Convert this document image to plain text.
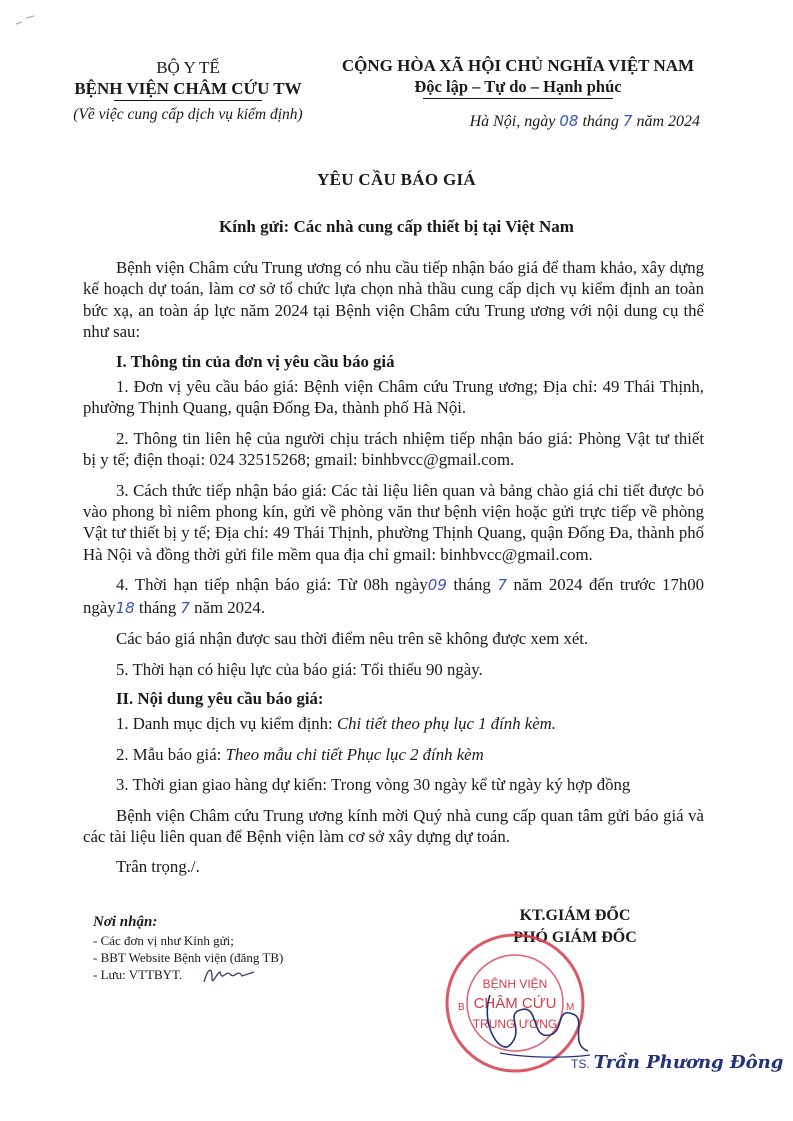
BỘ Y TẾ
BỆNH VIỆN CHÂM CỨU TW
(Về việc cung cấp dịch vụ kiểm định)
CỘNG HÒA XÃ HỘI CHỦ NGHĨA VIỆT NAM
Độc lập – Tự do – Hạnh phúc
Hà Nội, ngày 08 tháng 7 năm 2024
YÊU CẦU BÁO GIÁ
Kính gửi: Các nhà cung cấp thiết bị tại Việt Nam

Bệnh viện Châm cứu Trung ương có nhu cầu tiếp nhận báo giá để tham khảo, xây dựng kế hoạch dự toán, làm cơ sở tổ chức lựa chọn nhà thầu cung cấp dịch vụ kiểm định an toàn bức xạ, an toàn áp lực năm 2024 tại Bệnh viện Châm cứu Trung ương với nội dung cụ thể như sau:

I. Thông tin của đơn vị yêu cầu báo giá

1. Đơn vị yêu cầu báo giá: Bệnh viện Châm cứu Trung ương; Địa chỉ: 49 Thái Thịnh, phường Thịnh Quang, quận Đống Đa, thành phố Hà Nội.

2. Thông tin liên hệ của người chịu trách nhiệm tiếp nhận báo giá: Phòng Vật tư thiết bị y tế; điện thoại: 024 32515268; gmail: binhbvcc@gmail.com.

3. Cách thức tiếp nhận báo giá: Các tài liệu liên quan và bảng chào giá chi tiết được bỏ vào phong bì niêm phong kín, gửi về phòng văn thư bệnh viện hoặc gửi trực tiếp về phòng Vật tư thiết bị y tế; Địa chỉ: 49 Thái Thịnh, phường Thịnh Quang, quận Đống Đa, thành phố Hà Nội và đồng thời gửi file mềm qua địa chỉ gmail: binhbvcc@gmail.com.

4. Thời hạn tiếp nhận báo giá: Từ 08h ngày09 tháng 7 năm 2024 đến trước 17h00 ngày18 tháng 7 năm 2024.

Các báo giá nhận được sau thời điểm nêu trên sẽ không được xem xét.

5. Thời hạn có hiệu lực của báo giá: Tối thiểu 90 ngày.

II. Nội dung yêu cầu báo giá:

1. Danh mục dịch vụ kiểm định: Chi tiết theo phụ lục 1 đính kèm.

2. Mẫu báo giá: Theo mẫu chi tiết Phục lục 2 đính kèm

3. Thời gian giao hàng dự kiến: Trong vòng 30 ngày kể từ ngày ký hợp đồng

Bệnh viện Châm cứu Trung ương kính mời Quý nhà cung cấp quan tâm gửi báo giá và các tài liệu liên quan để Bệnh viện làm cơ sở xây dựng dự toán.

Trân trọng./.

Nơi nhận:
- Các đơn vị như Kính gửi;
- BBT Website Bệnh viện (đăng TB)
- Lưu: VTTBYT.
KT.GIÁM ĐỐC
PHÓ GIÁM ĐỐC
BỆNH VIỆN
CHÂM CỨU
TRUNG ƯƠNG
B	M
TS. Trần Phương Đông
